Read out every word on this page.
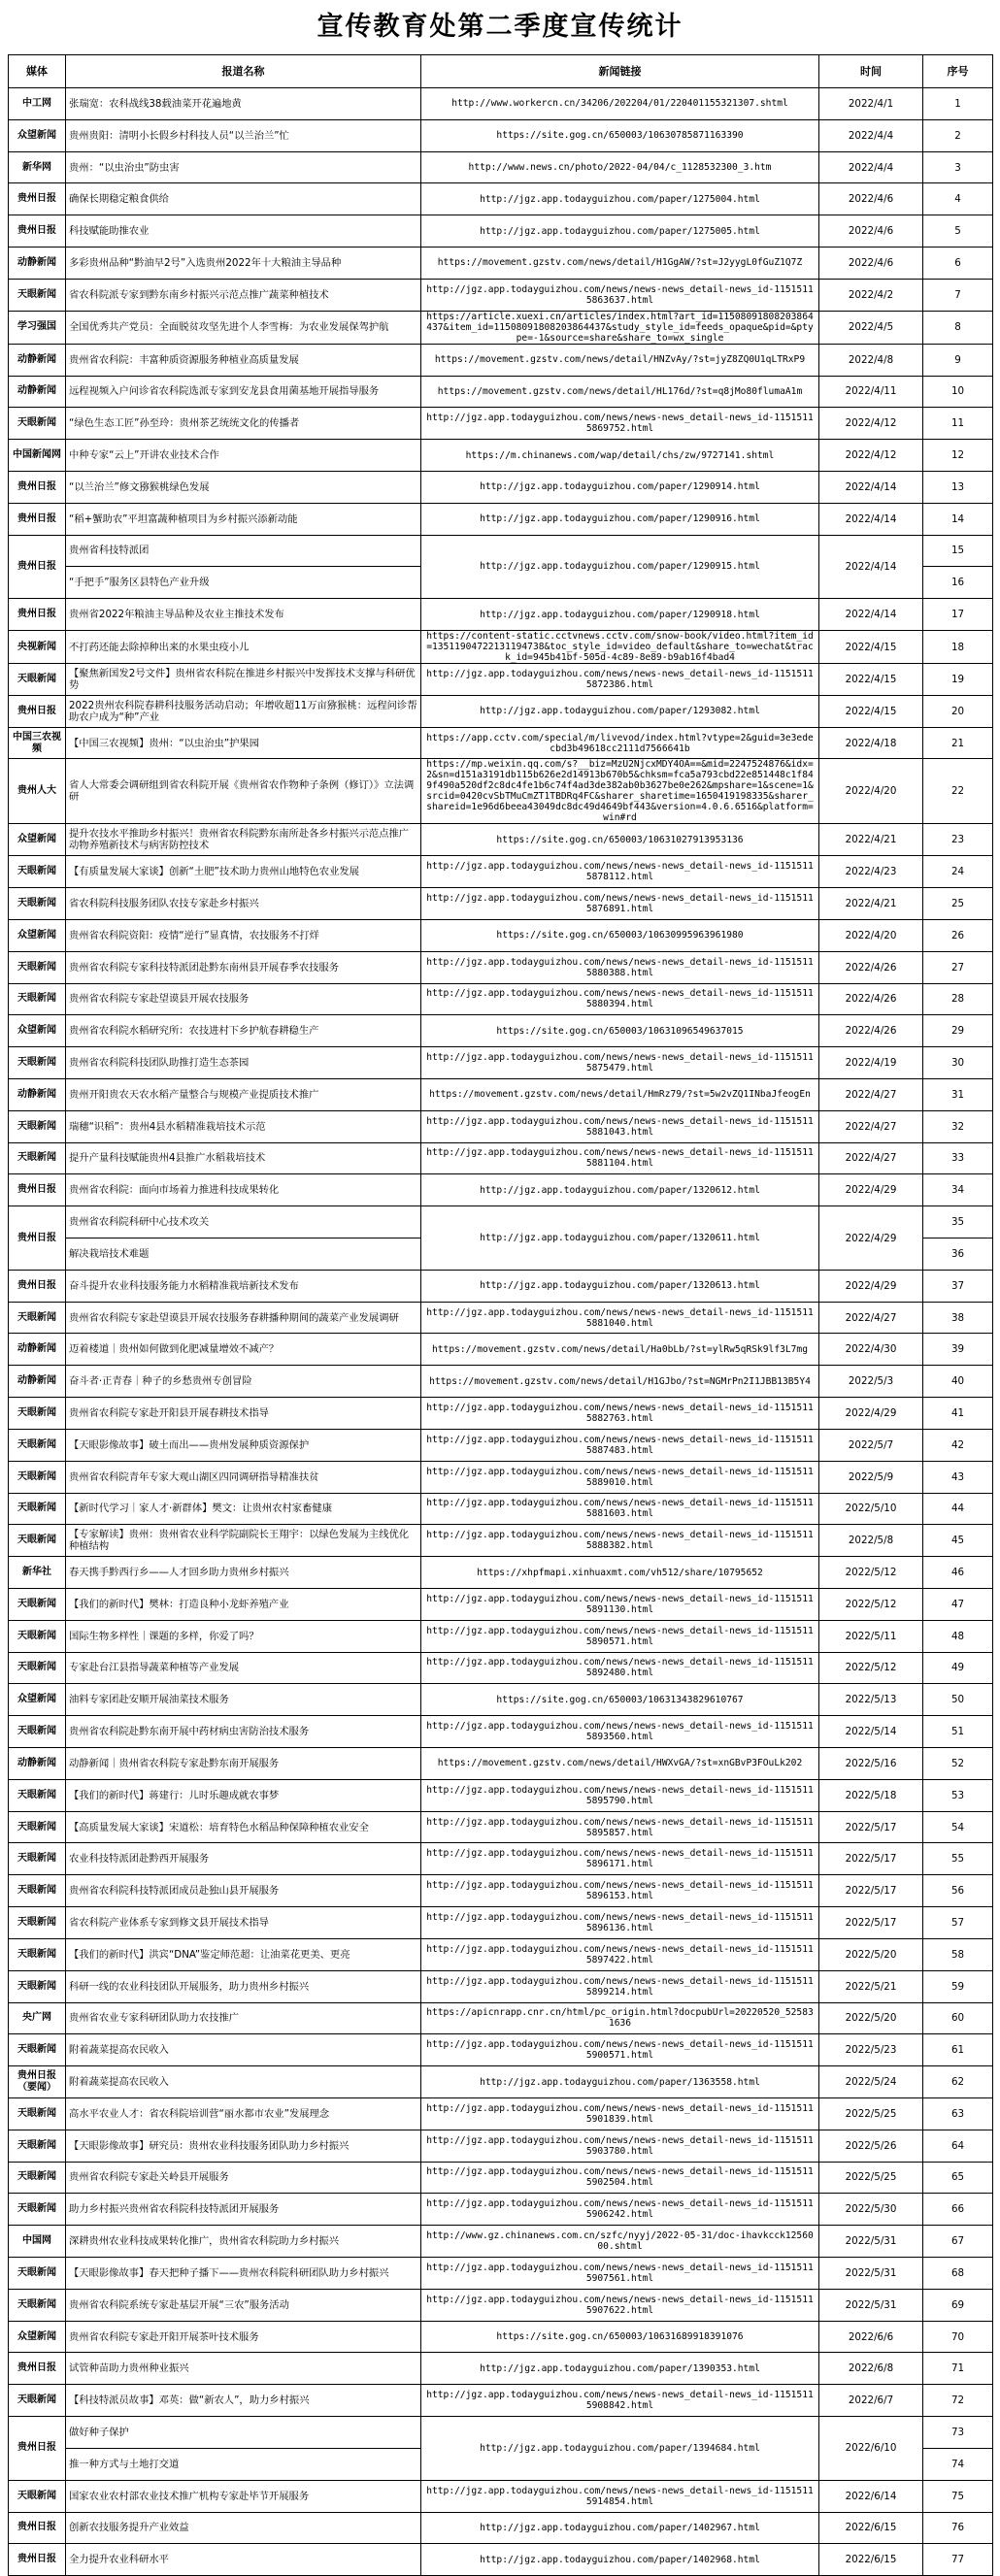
宣传教育处第二季度宣传统计
媒体	报道名称	新闻链接	时间	序号
中工网	张瑞宽：农科战线38载油菜开花遍地黄	http://www.workercn.cn/34206/202204/01/220401155321307.shtml	2022/4/1	1
众望新闻	贵州贵阳：清明小长假乡村科技人员“以兰治兰”忙	https://site.gog.cn/650003/10630785871163390	2022/4/4	2
新华网	贵州：“以虫治虫”防虫害	http://www.news.cn/photo/2022-04/04/c_1128532300_3.htm	2022/4/4	3
贵州日报	确保长期稳定粮食供给	http://jgz.app.todayguizhou.com/paper/1275004.html	2022/4/6	4
贵州日报	科技赋能助推农业	http://jgz.app.todayguizhou.com/paper/1275005.html	2022/4/6	5
动静新闻	多彩贵州品种“黔油早2号”入选贵州2022年十大粮油主导品种	https://movement.gzstv.com/news/detail/H1GgAW/?st=J2yygL0fGuZ1Q7Z	2022/4/6	6
天眼新闻	省农科院派专家到黔东南乡村振兴示范点推广蔬菜种植技术	http://jgz.app.todayguizhou.com/news/news-news_detail-news_id-11515115863637.html	2022/4/2	7
学习强国	全国优秀共产党员：全面脱贫攻坚先进个人李雪梅：为农业发展保驾护航	https://article.xuexi.cn/articles/index.html?art_id=11508091808203864437&item_id=11508091808203864437&study_style_id=feeds_opaque&pid=&ptype=-1&source=share&share_to=wx_single	2022/4/5	8
动静新闻	贵州省农科院：丰富种质资源服务种植业高质量发展	https://movement.gzstv.com/news/detail/HNZvAy/?st=jyZ8ZQ0U1qLTRxP9	2022/4/8	9
动静新闻	远程视频入户问诊省农科院选派专家到安龙县食用菌基地开展指导服务	https://movement.gzstv.com/news/detail/HL176d/?st=q8jMo80flumaA1m	2022/4/11	10
天眼新闻	“绿色生态工匠”孙至玲：贵州茶艺统统文化的传播者	http://jgz.app.todayguizhou.com/news/news-news_detail-news_id-11515115869752.html	2022/4/12	11
中国新闻网	中种专家“云上”开讲农业技术合作	https://m.chinanews.com/wap/detail/chs/zw/9727141.shtml	2022/4/12	12
贵州日报	“以兰治兰”修文猕猴桃绿色发展	http://jgz.app.todayguizhou.com/paper/1290914.html	2022/4/14	13
贵州日报	“稻+蟹助农”平坦富蔬种植项目为乡村振兴添新动能	http://jgz.app.todayguizhou.com/paper/1290916.html	2022/4/14	14
贵州日报	贵州省科技特派团	http://jgz.app.todayguizhou.com/paper/1290915.html	2022/4/14	15
	“手把手”服务区县特色产业升级			16
贵州日报	贵州省2022年粮油主导品种及农业主推技术发布	http://jgz.app.todayguizhou.com/paper/1290918.html	2022/4/14	17
央视新闻	不打药还能去除掉种出来的水果虫疫小儿	https://content-static.cctvnews.cctv.com/snow-book/video.html?item_id=13511904722131194738&toc_style_id=video_default&share_to=wechat&track_id=945b41bf-505d-4c89-8e89-b9ab16f4bad4	2022/4/15	18
天眼新闻	【聚焦新国发2号文件】贵州省农科院在推进乡村振兴中发挥技术支撑与科研优势	http://jgz.app.todayguizhou.com/news/news-news_detail-news_id-11515115872386.html	2022/4/15	19
贵州日报	2022贵州农科院春耕科技服务活动启动；年增收超11万亩猕猴桃：远程问诊帮助农户成为“种”产业	http://jgz.app.todayguizhou.com/paper/1293082.html	2022/4/15	20
中国三农视频	【中国三农视频】贵州：“以虫治虫”护果园	https://app.cctv.com/special/m/livevod/index.html?vtype=2&guid=3e3edecbd3b49618cc2111d7566641b	2022/4/18	21
贵州人大	省人大常委会调研组到省农科院开展《贵州省农作物种子条例（修订）》立法调研	https://mp.weixin.qq.com/s?__biz=MzU2NjcxMDY4OA==&mid=2247524876&idx=2&sn=d151a3191db115b626e2d14913b670b5&chksm=fca5a793cbd22e851448c1f849f490a520df2c8dc4fe1b6c74f4ad3de382ab0b3627be0e262&mpshare=1&scene=1&srcid=0420cvSbTMuCmZT1TBDRq4FC&sharer_sharetime=1650419198335&sharer_shareid=1e96d6beea43049dc8dc49d4649bf443&version=4.0.6.6516&platform=win#rd	2022/4/20	22
众望新闻	提升农技水平推助乡村振兴！贵州省农科院黔东南所赴各乡村振兴示范点推广动物养殖新技术与病害防控技术	https://site.gog.cn/650003/10631027913953136	2022/4/21	23
天眼新闻	【有质量发展大家谈】创新“土肥”技术助力贵州山地特色农业发展	http://jgz.app.todayguizhou.com/news/news-news_detail-news_id-11515115878112.html	2022/4/23	24
天眼新闻	省农科院科技服务团队农技专家赴乡村振兴	http://jgz.app.todayguizhou.com/news/news-news_detail-news_id-11515115876891.html	2022/4/21	25
众望新闻	贵州省农科院资阳：疫情“逆行”显真情，农技服务不打烊	https://site.gog.cn/650003/10630995963961980	2022/4/20	26
天眼新闻	贵州省农科院专家科技特派团赴黔东南州县开展春季农技服务	http://jgz.app.todayguizhou.com/news/news-news_detail-news_id-11515115880388.html	2022/4/26	27
天眼新闻	贵州省农科院专家赴望谟县开展农技服务	http://jgz.app.todayguizhou.com/news/news-news_detail-news_id-11515115880394.html	2022/4/26	28
众望新闻	贵州省农科院水稻研究所：农技进村下乡护航春耕稳生产	https://site.gog.cn/650003/10631096549637015	2022/4/26	29
天眼新闻	贵州省农科院科技团队助推打造生态茶园	http://jgz.app.todayguizhou.com/news/news-news_detail-news_id-11515115875479.html	2022/4/19	30
动静新闻	贵州开阳贵农天农水稻产量整合与规模产业提质技术推广	https://movement.gzstv.com/news/detail/HmRz79/?st=5w2vZQ1INbaJfeogEn	2022/4/27	31
天眼新闻	瑞穗“识稻”：贵州4县水稻精准栽培技术示范	http://jgz.app.todayguizhou.com/news/news-news_detail-news_id-11515115881043.html	2022/4/27	32
天眼新闻	提升产量科技赋能贵州4县推广水稻栽培技术	http://jgz.app.todayguizhou.com/news/news-news_detail-news_id-11515115881104.html	2022/4/27	33
贵州日报	贵州省农科院：面向市场着力推进科技成果转化	http://jgz.app.todayguizhou.com/paper/1320612.html	2022/4/29	34
贵州日报	贵州省农科院科研中心技术攻关	http://jgz.app.todayguizhou.com/paper/1320611.html	2022/4/29	35
	解决栽培技术难题			36
贵州日报	奋斗提升农业科技服务能力水稻精准栽培新技术发布	http://jgz.app.todayguizhou.com/paper/1320613.html	2022/4/29	37
天眼新闻	贵州省农科院专家赴望谟县开展农技服务春耕播种期间的蔬菜产业发展调研	http://jgz.app.todayguizhou.com/news/news-news_detail-news_id-11515115881040.html	2022/4/27	38
动静新闻	迈着楼道｜贵州如何做到化肥减量增效不减产？	https://movement.gzstv.com/news/detail/Ha0bLb/?st=ylRw5qRSk9lf3L7mg	2022/4/30	39
动静新闻	奋斗者·正青春｜种子的乡愁贵州专创冒险	https://movement.gzstv.com/news/detail/H1GJbo/?st=NGMrPn2I1JBB13B5Y4	2022/5/3	40
天眼新闻	贵州省农科院专家赴开阳县开展春耕技术指导	http://jgz.app.todayguizhou.com/news/news-news_detail-news_id-11515115882763.html	2022/4/29	41
天眼新闻	【天眼影像故事】破土而出——贵州发展种质资源保护	http://jgz.app.todayguizhou.com/news/news-news_detail-news_id-11515115887483.html	2022/5/7	42
天眼新闻	贵州省农科院青年专家大观山湖区四同调研指导精准扶贫	http://jgz.app.todayguizhou.com/news/news-news_detail-news_id-11515115889010.html	2022/5/9	43
天眼新闻	【新时代学习｜家人才·新群体】樊文：让贵州农村家畜健康	http://jgz.app.todayguizhou.com/news/news-news_detail-news_id-11515115881603.html	2022/5/10	44
天眼新闻	【专家解读】贵州：贵州省农业科学院副院长王翔宇：以绿色发展为主线优化种植结构	http://jgz.app.todayguizhou.com/news/news-news_detail-news_id-11515115888382.html	2022/5/8	45
新华社	春天携手黔西行乡——人才回乡助力贵州乡村振兴	https://xhpfmapi.xinhuaxmt.com/vh512/share/10795652	2022/5/12	46
天眼新闻	【我们的新时代】樊林：打造良种小龙虾养殖产业	http://jgz.app.todayguizhou.com/news/news-news_detail-news_id-11515115891130.html	2022/5/12	47
天眼新闻	国际生物多样性｜课题的多样，你爱了吗？	http://jgz.app.todayguizhou.com/news/news-news_detail-news_id-11515115890571.html	2022/5/11	48
天眼新闻	专家赴台江县指导蔬菜种植等产业发展	http://jgz.app.todayguizhou.com/news/news-news_detail-news_id-11515115892480.html	2022/5/12	49
众望新闻	油料专家团赴安顺开展油菜技术服务	https://site.gog.cn/650003/10631343829610767	2022/5/13	50
天眼新闻	贵州省农科院赴黔东南开展中药材病虫害防治技术服务	http://jgz.app.todayguizhou.com/news/news-news_detail-news_id-11515115893560.html	2022/5/14	51
动静新闻	动静新闻｜贵州省农科院专家赴黔东南开展服务	https://movement.gzstv.com/news/detail/HWXvGA/?st=xnGBvP3FOuLk202	2022/5/16	52
天眼新闻	【我们的新时代】蒋建行：儿时乐趣成就农事梦	http://jgz.app.todayguizhou.com/news/news-news_detail-news_id-11515115895790.html	2022/5/18	53
天眼新闻	【高质量发展大家谈】宋道松：培育特色水稻品种保障种植农业安全	http://jgz.app.todayguizhou.com/news/news-news_detail-news_id-11515115895857.html	2022/5/17	54
天眼新闻	农业科技特派团赴黔西开展服务	http://jgz.app.todayguizhou.com/news/news-news_detail-news_id-11515115896171.html	2022/5/17	55
天眼新闻	贵州省农科院科技特派团成员赴独山县开展服务	http://jgz.app.todayguizhou.com/news/news-news_detail-news_id-11515115896153.html	2022/5/17	56
天眼新闻	省农科院产业体系专家到修文县开展技术指导	http://jgz.app.todayguizhou.com/news/news-news_detail-news_id-11515115896136.html	2022/5/17	57
天眼新闻	【我们的新时代】洪宾“DNA”鉴定师范超：让油菜花更美、更亮	http://jgz.app.todayguizhou.com/news/news-news_detail-news_id-11515115897422.html	2022/5/20	58
天眼新闻	科研一线的农业科技团队开展服务，助力贵州乡村振兴	http://jgz.app.todayguizhou.com/news/news-news_detail-news_id-11515115899214.html	2022/5/21	59
央广网	贵州省农业专家科研团队助力农技推广	https://apicnrapp.cnr.cn/html/pc_origin.html?docpubUrl=20220520_525831636	2022/5/20	60
天眼新闻	附着蔬菜提高农民收入	http://jgz.app.todayguizhou.com/news/news-news_detail-news_id-11515115900571.html	2022/5/23	61
贵州日报（要闻）	附着蔬菜提高农民收入	http://jgz.app.todayguizhou.com/paper/1363558.html	2022/5/24	62
天眼新闻	高水平农业人才：省农科院培训营“丽水都市农业”发展理念	http://jgz.app.todayguizhou.com/news/news-news_detail-news_id-11515115901839.html	2022/5/25	63
天眼新闻	【天眼影像故事】研究员：贵州农业科技服务团队助力乡村振兴	http://jgz.app.todayguizhou.com/news/news-news_detail-news_id-11515115903780.html	2022/5/26	64
天眼新闻	贵州省农科院专家赴关岭县开展服务	http://jgz.app.todayguizhou.com/news/news-news_detail-news_id-11515115902504.html	2022/5/25	65
天眼新闻	助力乡村振兴贵州省农科院科技特派团开展服务	http://jgz.app.todayguizhou.com/news/news-news_detail-news_id-11515115906242.html	2022/5/30	66
中国网	深耕贵州农业科技成果转化推广，贵州省农科院助力乡村振兴	http://www.gz.chinanews.com.cn/szfc/nyyj/2022-05-31/doc-ihavkcck1256000.shtml	2022/5/31	67
天眼新闻	【天眼影像故事】春天把种子播下——贵州农科院科研团队助力乡村振兴	http://jgz.app.todayguizhou.com/news/news-news_detail-news_id-11515115907561.html	2022/5/31	68
天眼新闻	贵州省农科院系统专家赴基层开展“三农”服务活动	http://jgz.app.todayguizhou.com/news/news-news_detail-news_id-11515115907622.html	2022/5/31	69
众望新闻	贵州省农科院专家赴开阳开展茶叶技术服务	https://site.gog.cn/650003/10631689918391076	2022/6/6	70
贵州日报	试管种苗助力贵州种业振兴	http://jgz.app.todayguizhou.com/paper/1390353.html	2022/6/8	71
天眼新闻	【科技特派员故事】邓英：做“新农人”，助力乡村振兴	http://jgz.app.todayguizhou.com/news/news-news_detail-news_id-11515115908842.html	2022/6/7	72
贵州日报	做好种子保护	http://jgz.app.todayguizhou.com/paper/1394684.html	2022/6/10	73
	推一种方式与土地打交道			74
天眼新闻	国家农业农村部农业技术推广机构专家赴毕节开展服务	http://jgz.app.todayguizhou.com/news/news-news_detail-news_id-11515115914854.html	2022/6/14	75
贵州日报	创新农技服务提升产业效益	http://jgz.app.todayguizhou.com/paper/1402967.html	2022/6/15	76
贵州日报	全力提升农业科研水平	http://jgz.app.todayguizhou.com/paper/1402968.html	2022/6/15	77
